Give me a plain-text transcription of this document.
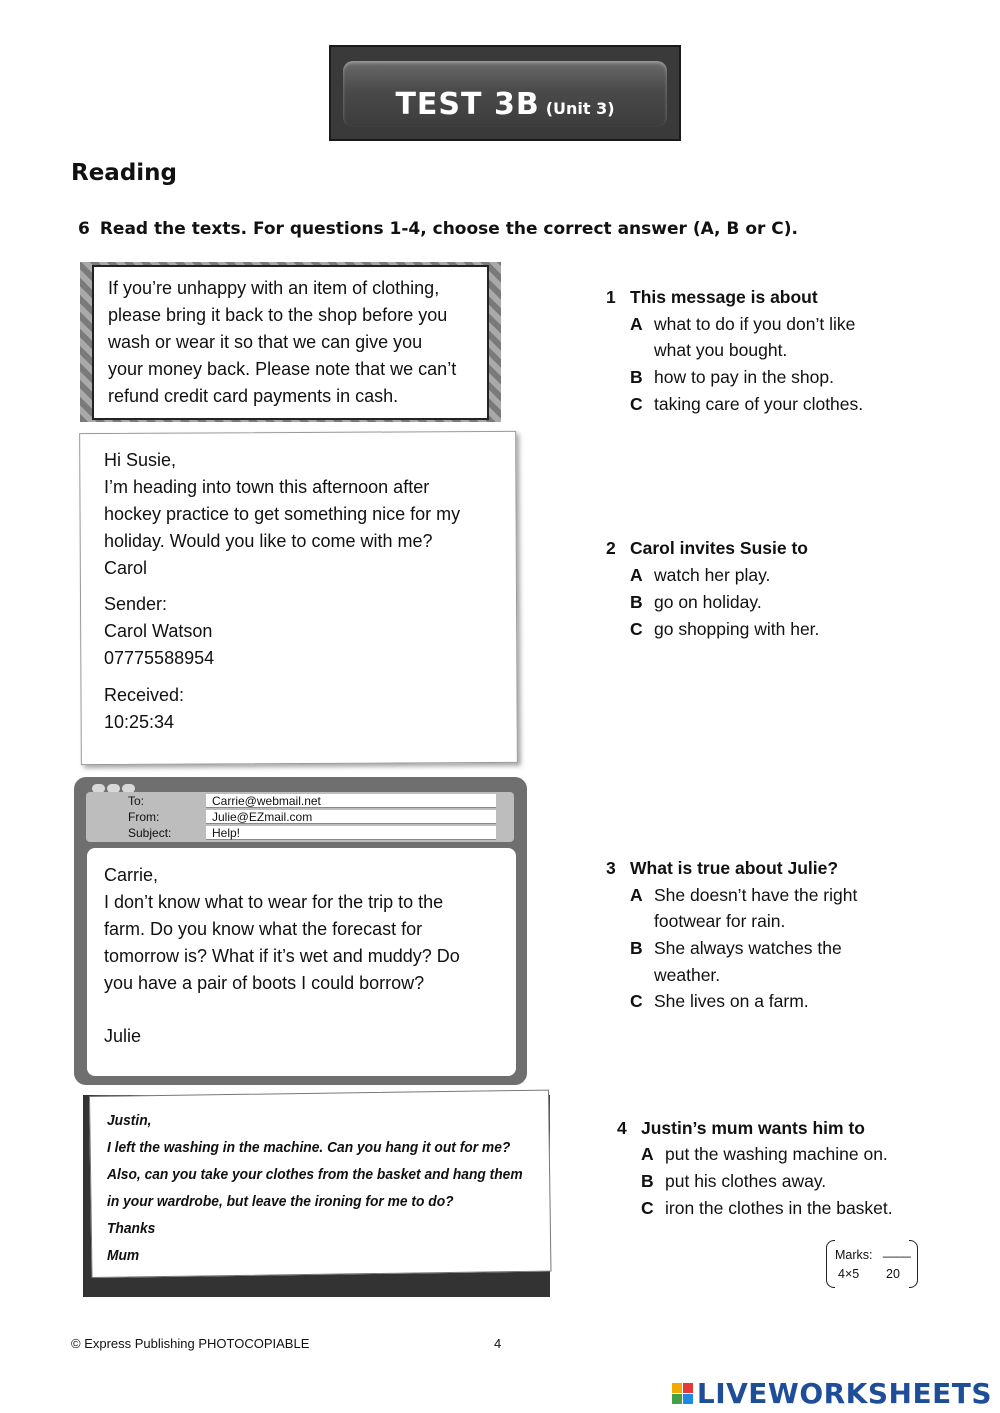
TEST 3B (Unit 3)
Reading
6 Read the texts. For questions 1-4, choose the correct answer (A, B or C).
If you’re unhappy with an item of clothing,
please bring it back to the shop before you
wash or wear it so that we can give you
your money back. Please note that we can’t
refund credit card payments in cash.
Hi Susie,
I’m heading into town this afternoon after
hockey practice to get something nice for my
holiday. Would you like to come with me?
Carol
Sender:
Carol Watson
07775588954
Received:
10:25:34
To:	Carrie@webmail.net
From:	Julie@EZmail.com
Subject:	Help!
Carrie,
I don’t know what to wear for the trip to the
farm. Do you know what the forecast for
tomorrow is? What if it’s wet and muddy? Do
you have a pair of boots I could borrow?
Julie
Justin,
I left the washing in the machine. Can you hang it out for me?
Also, can you take your clothes from the basket and hang them
in your wardrobe, but leave the ironing for me to do?
Thanks
Mum
1 This message is about
A what to do if you don’t like
what you bought.
B how to pay in the shop.
C taking care of your clothes.
2 Carol invites Susie to
A watch her play.
B go on holiday.
C go shopping with her.
3 What is true about Julie?
A She doesn’t have the right
footwear for rain.
B She always watches the
weather.
C She lives on a farm.
4 Justin’s mum wants him to
A put the washing machine on.
B put his clothes away.
C iron the clothes in the basket.
Marks: ____
4×5 20
© Express Publishing PHOTOCOPIABLE	4
LIVEWORKSHEETS
